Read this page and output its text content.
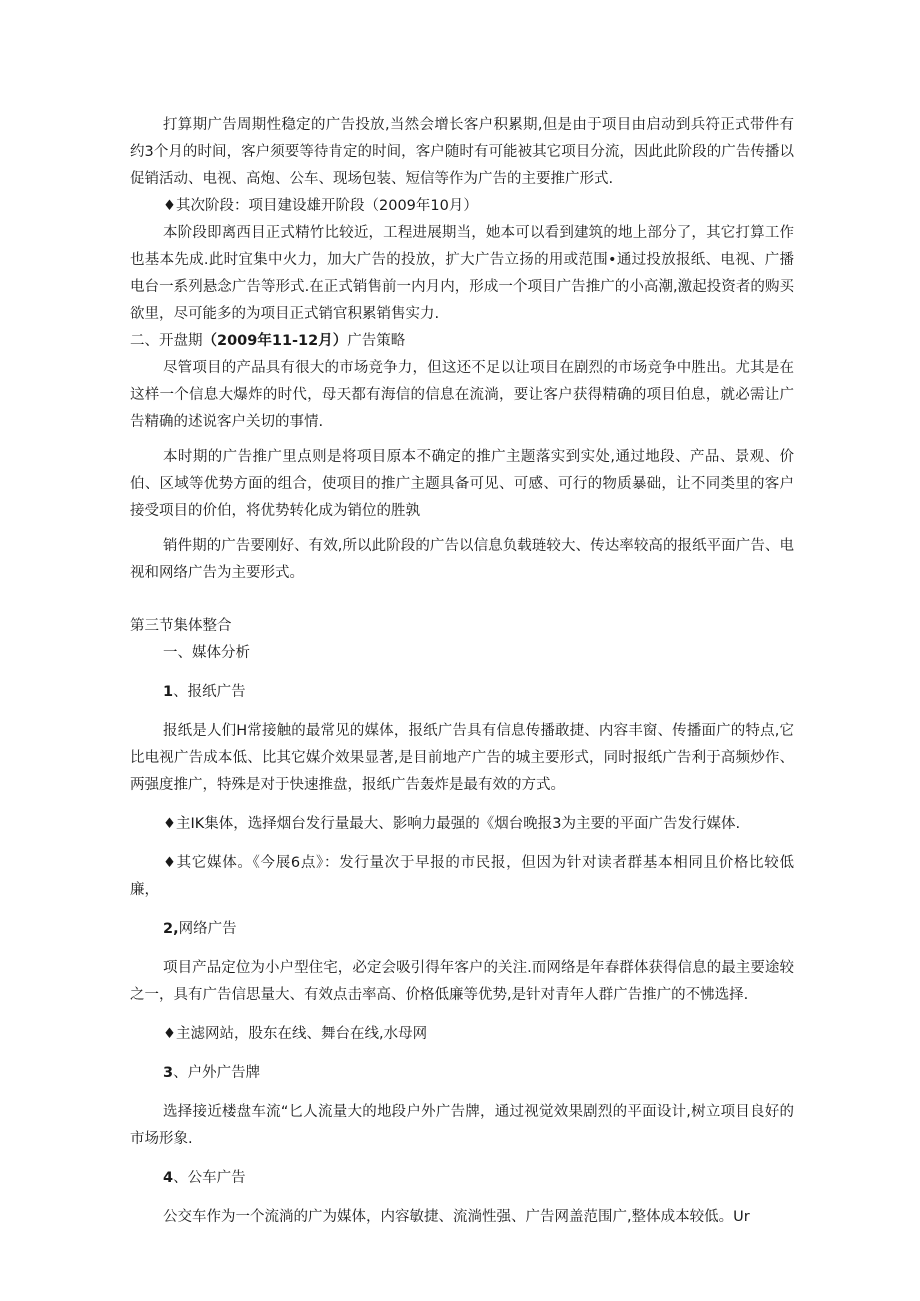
打算期广告周期性稳定的广告投放,当然会增长客户积累期,但是由于项目由启动到兵符正式带件有约3个月的时间，客户须要等待肯定的时间，客户随时有可能被其它项目分流，因此此阶段的广告传播以促销活动、电视、高炮、公车、现场包装、短信等作为广告的主要推广形式.

♦其次阶段：项目建设雄开阶段（2009年10月）

本阶段即离西目正式精竹比较近，工程进展期当，她本可以看到建筑的地上部分了，其它打算工作也基本先成.此时宜集中火力，加大广告的投放，扩大广告立扬的用或范围•通过投放报纸、电视、广播电台一系列悬念广告等形式.在正式销售前一内月内，形成一个项目广告推广的小高潮,激起投资者的购买欲里，尽可能多的为项目正式销官积累销售实力.

二、开盘期（2009年11-12月）广告策略

尽管项目的产品具有很大的市场竞争力，但这还不足以让项目在剧烈的市场竞争中胜出。尤其是在这样一个信息大爆炸的时代，母天都有海信的信息在流淌，要让客户获得精确的项目伯息，就必需让广告精确的述说客户关切的事情.

本时期的广告推广里点则是将项目原本不确定的推广主题落实到实处,通过地段、产品、景观、价伯、区域等优势方面的组合，使项目的推广主题具备可见、可感、可行的物质暴础，让不同类里的客户接受项目的价伯，将优势转化成为销位的胜孰

销件期的广告要刚好、有效,所以此阶段的广告以信息负载琏较大、传达率较高的报纸平面广告、电视和网络广告为主要形式。

第三节集体整合

一、媒体分析

1、报纸广告

报纸是人们H常接触的最常见的媒体，报纸广告具有信息传播敢捷、内容丰窗、传播面广的特点,它比电视广告成本低、比其它媒介效果显著,是目前地产广告的城主要形式，同时报纸广告利于高频炒作、两强度推广，特殊是对于快速推盘，报纸广告轰炸是最有效的方式。

♦主IK集体，选择烟台发行量最大、影响力最强的《烟台晚报3为主要的平面广告发行媒体.

♦其它媒体。《今展6点》：发行量次于早报的市民报，但因为针对读者群基本相同且价格比较低廉，

2,网络广告

项目产品定位为小户型住宅，必定会吸引得年客户的关注.而网络是年春群体获得信息的最主要途较之一，具有广告信思量大、有效点击率高、价格低廉等优势,是针对青年人群广告推广的不怫选择.

♦主滤网站，股东在线、舞台在线,水母网

3、户外广告牌

选择接近楼盘车流“匕人流量大的地段户外广告牌，通过视觉效果剧烈的平面设计,树立项目良好的市场形象.

4、公车广告

公交车作为一个流淌的广为媒体，内容敏捷、流淌性强、广告网盖范围广,整体成本较低。Ur
